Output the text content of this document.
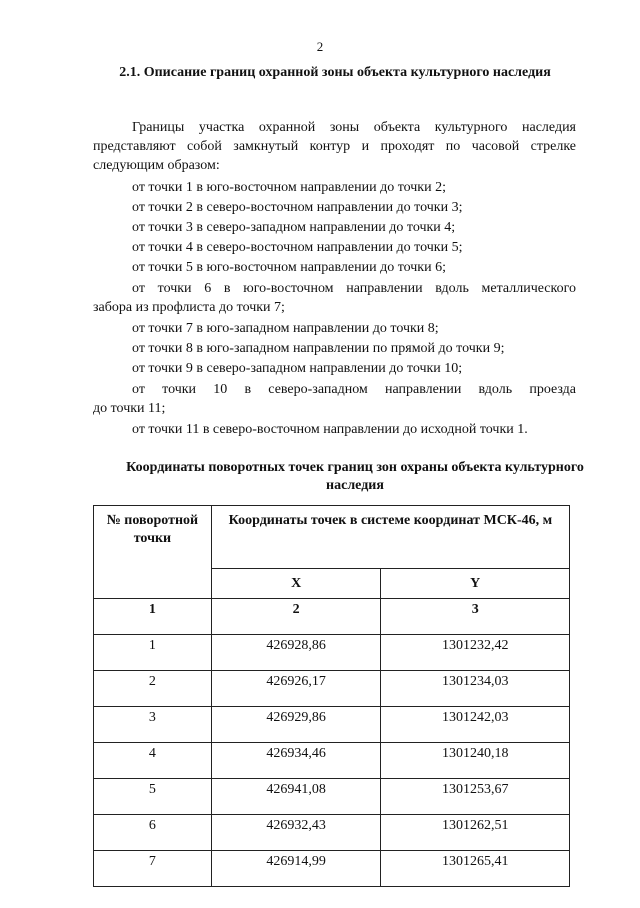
2
2.1. Описание границ охранной зоны объекта культурного наследия
Границы участка охранной зоны объекта культурного наследия
представляют собой замкнутый контур и проходят по часовой стрелке
следующим образом:
от точки 1 в юго-восточном направлении до точки 2;
от точки 2 в северо-восточном направлении до точки 3;
от точки 3 в северо-западном направлении до точки 4;
от точки 4 в северо-восточном направлении до точки 5;
от точки 5 в юго-восточном направлении до точки 6;
от точки 6 в юго-восточном направлении вдоль металлического
забора из профлиста до точки 7;
от точки 7 в юго-западном направлении до точки 8;
от точки 8 в юго-западном направлении по прямой до точки 9;
от точки 9 в северо-западном направлении до точки 10;
от точки 10 в северо-западном направлении вдоль проезда
до точки 11;
от точки 11 в северо-восточном направлении до исходной точки 1.
Координаты поворотных точек границ зон охраны объекта культурного наследия
№ поворотной точки	Координаты точек в системе координат МСК-46, м	
	X	Y
1	2	3
1	426928,86	1301232,42
2	426926,17	1301234,03
3	426929,86	1301242,03
4	426934,46	1301240,18
5	426941,08	1301253,67
6	426932,43	1301262,51
7	426914,99	1301265,41
